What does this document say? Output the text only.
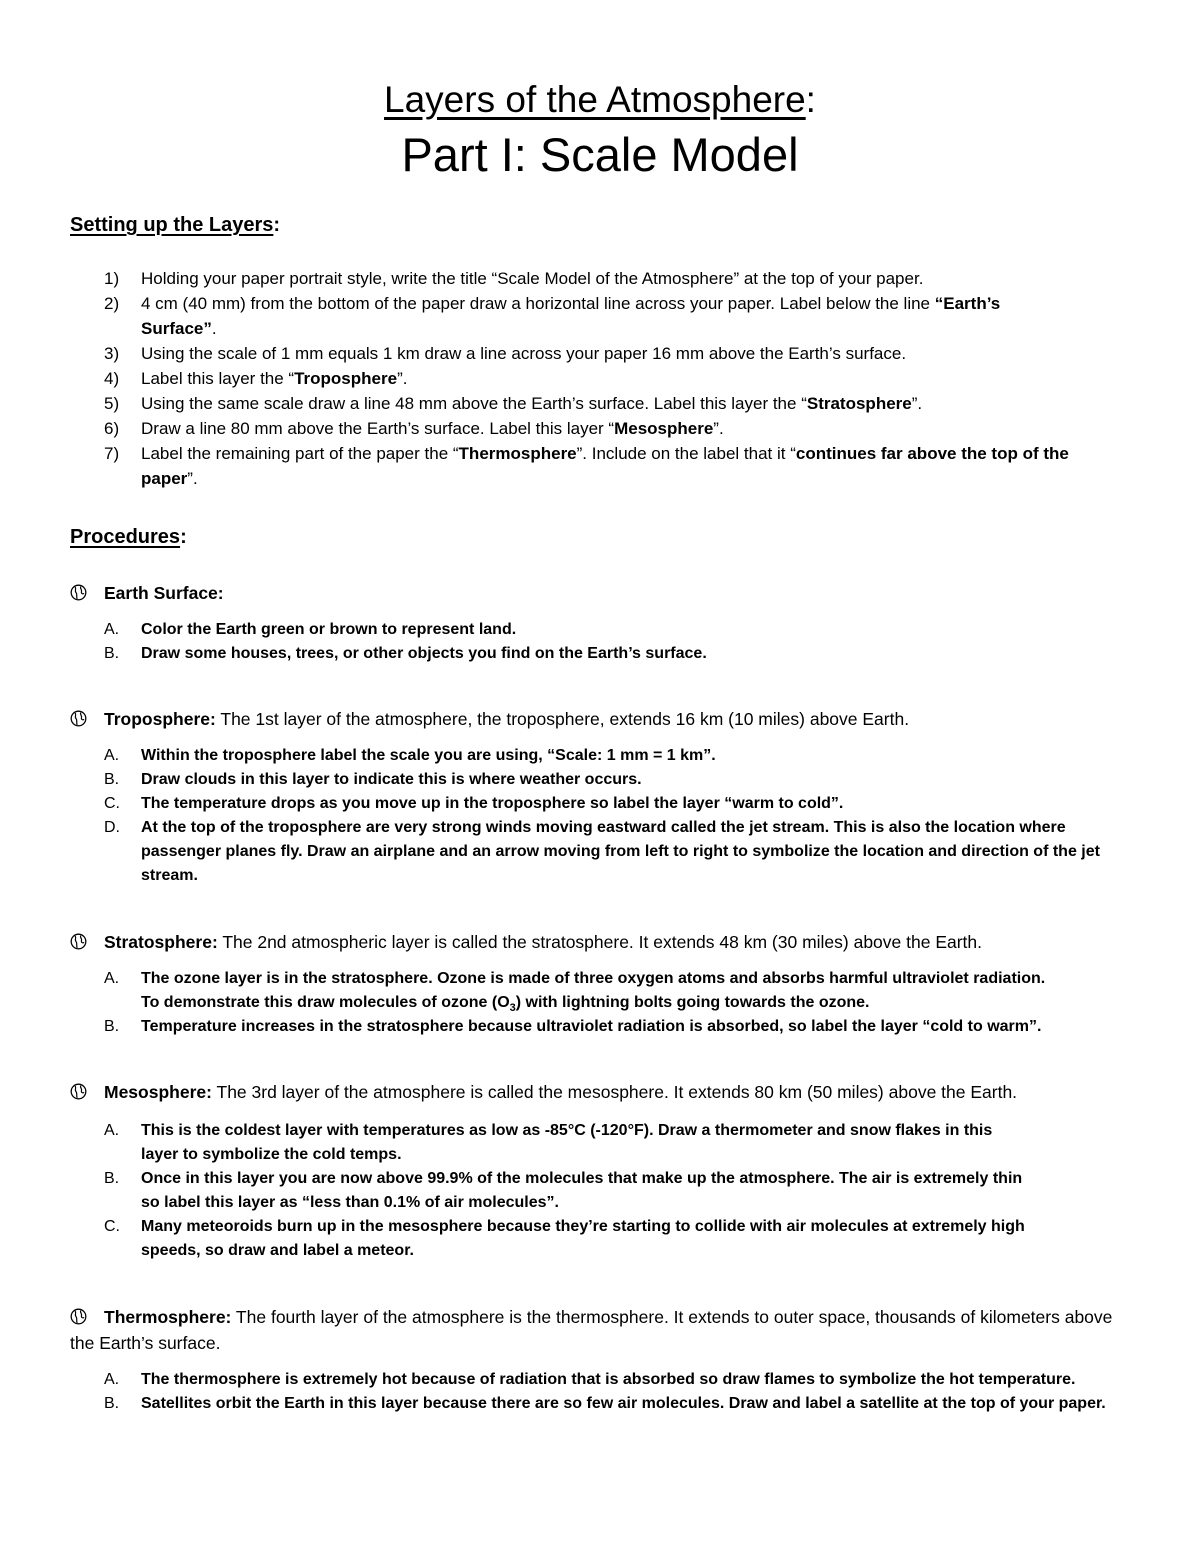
Layers of the Atmosphere:
Part I: Scale Model
Setting up the Layers:
1)	Holding your paper portrait style, write the title “Scale Model of the Atmosphere” at the top of your paper.
2)	4 cm (40 mm) from the bottom of the paper draw a horizontal line across your paper. Label below the line “Earth’s Surface”.
3)	Using the scale of 1 mm equals 1 km draw a line across your paper 16 mm above the Earth’s surface.
4)	Label this layer the “Troposphere”.
5)	Using the same scale draw a line 48 mm above the Earth’s surface. Label this layer the “Stratosphere”.
6)	Draw a line 80 mm above the Earth’s surface. Label this layer “Mesosphere”.
7)	Label the remaining part of the paper the “Thermosphere”. Include on the label that it “continues far above the top of the paper”.
Procedures:
Earth Surface:
A.	Color the Earth green or brown to represent land.
B.	Draw some houses, trees, or other objects you find on the Earth’s surface.
Troposphere: The 1st layer of the atmosphere, the troposphere, extends 16 km (10 miles) above Earth.
A.	Within the troposphere label the scale you are using, “Scale: 1 mm = 1 km”.
B.	Draw clouds in this layer to indicate this is where weather occurs.
C.	The temperature drops as you move up in the troposphere so label the layer “warm to cold”.
D.	At the top of the troposphere are very strong winds moving eastward called the jet stream. This is also the location where passenger planes fly. Draw an airplane and an arrow moving from left to right to symbolize the location and direction of the jet stream.
Stratosphere: The 2nd atmospheric layer is called the stratosphere. It extends 48 km (30 miles) above the Earth.
A.	The ozone layer is in the stratosphere. Ozone is made of three oxygen atoms and absorbs harmful ultraviolet radiation.
To demonstrate this draw molecules of ozone $(O_3)$ with lightning bolts going towards the ozone.
B.	Temperature increases in the stratosphere because ultraviolet radiation is absorbed, so label the layer “cold to warm”.
Mesosphere: The 3rd layer of the atmosphere is called the mesosphere. It extends 80 km (50 miles) above the Earth.
A.	This is the coldest layer with temperatures as low as -85°C (-120°F). Draw a thermometer and snow flakes in this
layer to symbolize the cold temps.
B.	Once in this layer you are now above 99.9% of the molecules that make up the atmosphere. The air is extremely thin
so label this layer as “less than 0.1% of air molecules”.
C.	Many meteoroids burn up in the mesosphere because they’re starting to collide with air molecules at extremely high
speeds, so draw and label a meteor.
Thermosphere: The fourth layer of the atmosphere is the thermosphere. It extends to outer space, thousands of kilometers above the Earth’s surface.
A.	The thermosphere is extremely hot because of radiation that is absorbed so draw flames to symbolize the hot temperature.
B.	Satellites orbit the Earth in this layer because there are so few air molecules. Draw and label a satellite at the top of your paper.
